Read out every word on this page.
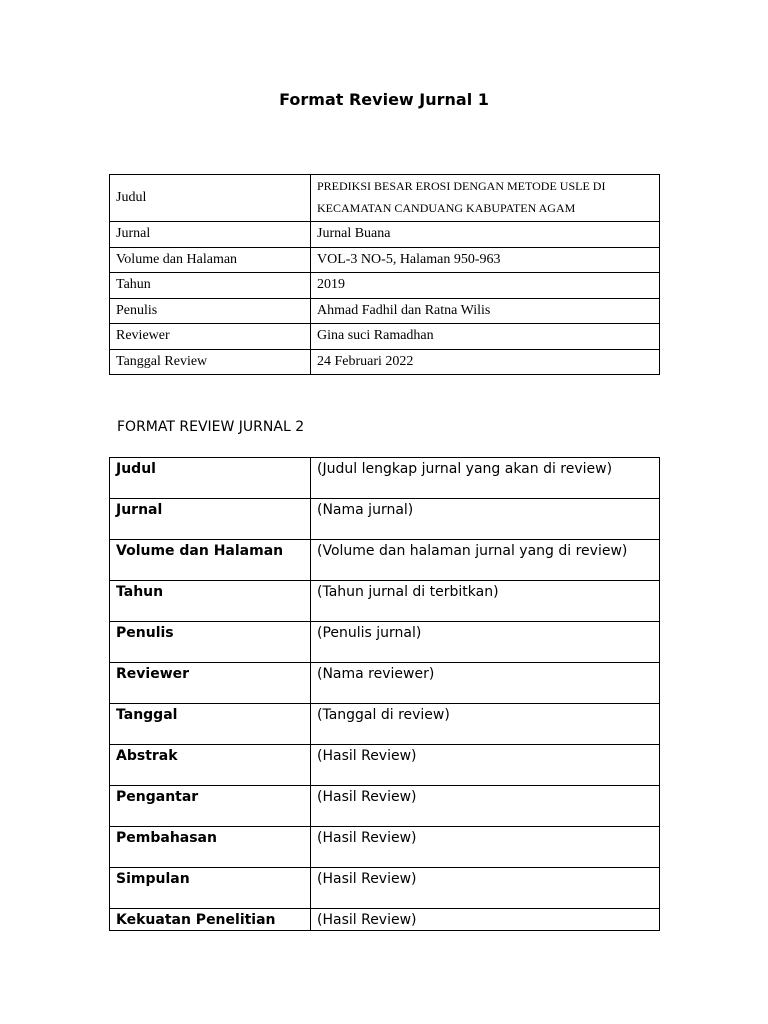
Format Review Jurnal 1
Judul	PREDIKSI BESAR EROSI DENGAN METODE USLE DI
KECAMATAN CANDUANG KABUPATEN AGAM

Jurnal	Jurnal Buana
Volume dan Halaman	VOL-3 NO-5, Halaman 950-963
Tahun	2019
Penulis	Ahmad Fadhil dan Ratna Wilis
Reviewer	Gina suci Ramadhan
Tanggal Review	24 Februari 2022
FORMAT REVIEW JURNAL 2
Judul	(Judul lengkap jurnal yang akan di review)
Jurnal	(Nama jurnal)
Volume dan Halaman	(Volume dan halaman jurnal yang di review)
Tahun	(Tahun jurnal di terbitkan)
Penulis	(Penulis jurnal)
Reviewer	(Nama reviewer)
Tanggal	(Tanggal di review)
Abstrak	(Hasil Review)
Pengantar	(Hasil Review)
Pembahasan	(Hasil Review)
Simpulan	(Hasil Review)
Kekuatan Penelitian	(Hasil Review)
